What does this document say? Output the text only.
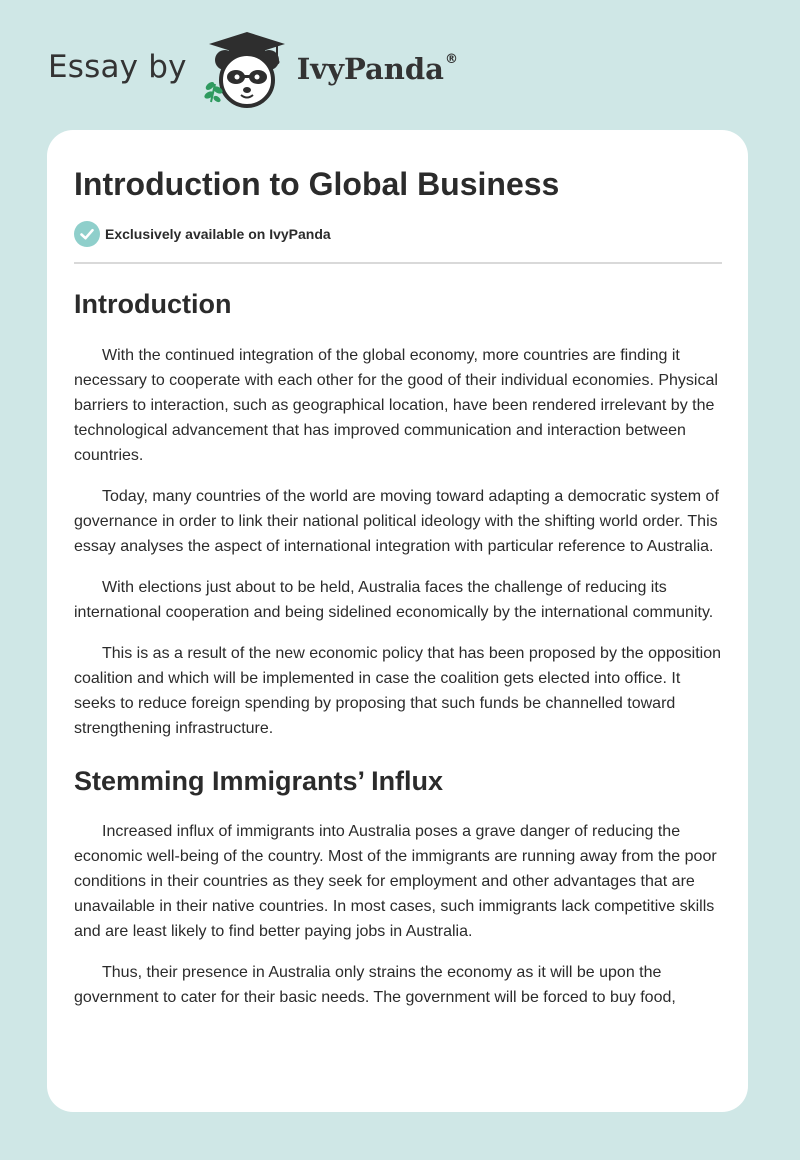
Essay by	IvyPanda ®
Introduction to Global Business
Exclusively available on IvyPanda
Introduction

With the continued integration of the global economy, more countries are finding it necessary to cooperate with each other for the good of their individual economies. Physical barriers to interaction, such as geographical location, have been rendered irrelevant by the technological advancement that has improved communication and interaction between countries.

Today, many countries of the world are moving toward adapting a democratic system of governance in order to link their national political ideology with the shifting world order. This essay analyses the aspect of international integration with particular reference to Australia.

With elections just about to be held, Australia faces the challenge of reducing its international cooperation and being sidelined economically by the international community.

This is as a result of the new economic policy that has been proposed by the opposition coalition and which will be implemented in case the coalition gets elected into office. It seeks to reduce foreign spending by proposing that such funds be channelled toward strengthening infrastructure.

Stemming Immigrants’ Influx

Increased influx of immigrants into Australia poses a grave danger of reducing the economic well-being of the country. Most of the immigrants are running away from the poor conditions in their countries as they seek for employment and other advantages that are unavailable in their native countries. In most cases, such immigrants lack competitive skills and are least likely to find better paying jobs in Australia.

Thus, their presence in Australia only strains the economy as it will be upon the government to cater for their basic needs. The government will be forced to buy food,
